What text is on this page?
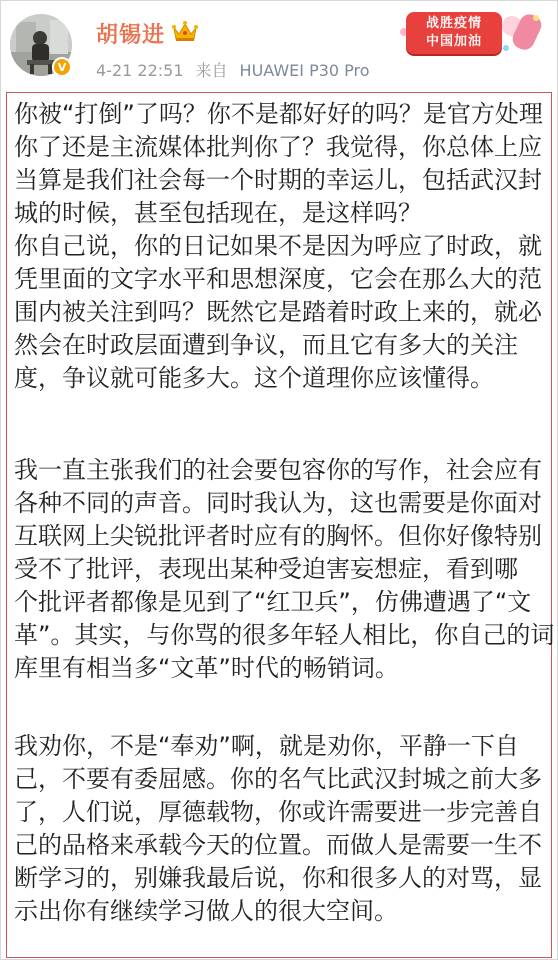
V
胡锡进
4-21 22:51 来自 HUAWEI P30 Pro
战胜疫情
中国加油
你被“打倒”了吗？你不是都好好的吗？是官方处理
你了还是主流媒体批判你了？我觉得，你总体上应
当算是我们社会每一个时期的幸运儿，包括武汉封
城的时候，甚至包括现在，是这样吗？
你自己说，你的日记如果不是因为呼应了时政，就
凭里面的文字水平和思想深度，它会在那么大的范
围内被关注到吗？既然它是踏着时政上来的，就必
然会在时政层面遭到争议，而且它有多大的关注
度，争议就可能多大。这个道理你应该懂得。
我一直主张我们的社会要包容你的写作，社会应有
各种不同的声音。同时我认为，这也需要是你面对
互联网上尖锐批评者时应有的胸怀。但你好像特别
受不了批评，表现出某种受迫害妄想症，看到哪
个批评者都像是见到了“红卫兵”，仿佛遭遇了“文
革”。其实，与你骂的很多年轻人相比，你自己的词
库里有相当多“文革”时代的畅销词。
我劝你，不是“奉劝”啊，就是劝你，平静一下自
己，不要有委屈感。你的名气比武汉封城之前大多
了，人们说，厚德载物，你或许需要进一步完善自
己的品格来承载今天的位置。而做人是需要一生不
断学习的，别嫌我最后说，你和很多人的对骂，显
示出你有继续学习做人的很大空间。
